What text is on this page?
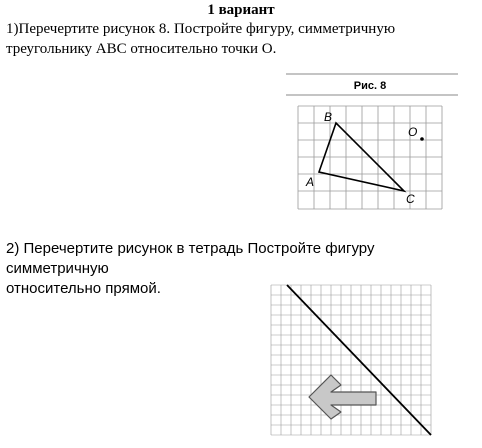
1 вариант
1)Перечертите рисунок 8. Постройте фигуру, симметричную
треугольнику ABC относительно точки O.
Рис. 8
B
O
A
C
2) Перечертите рисунок в тетрадь Постройте фигуру симметричную
относительно прямой.
